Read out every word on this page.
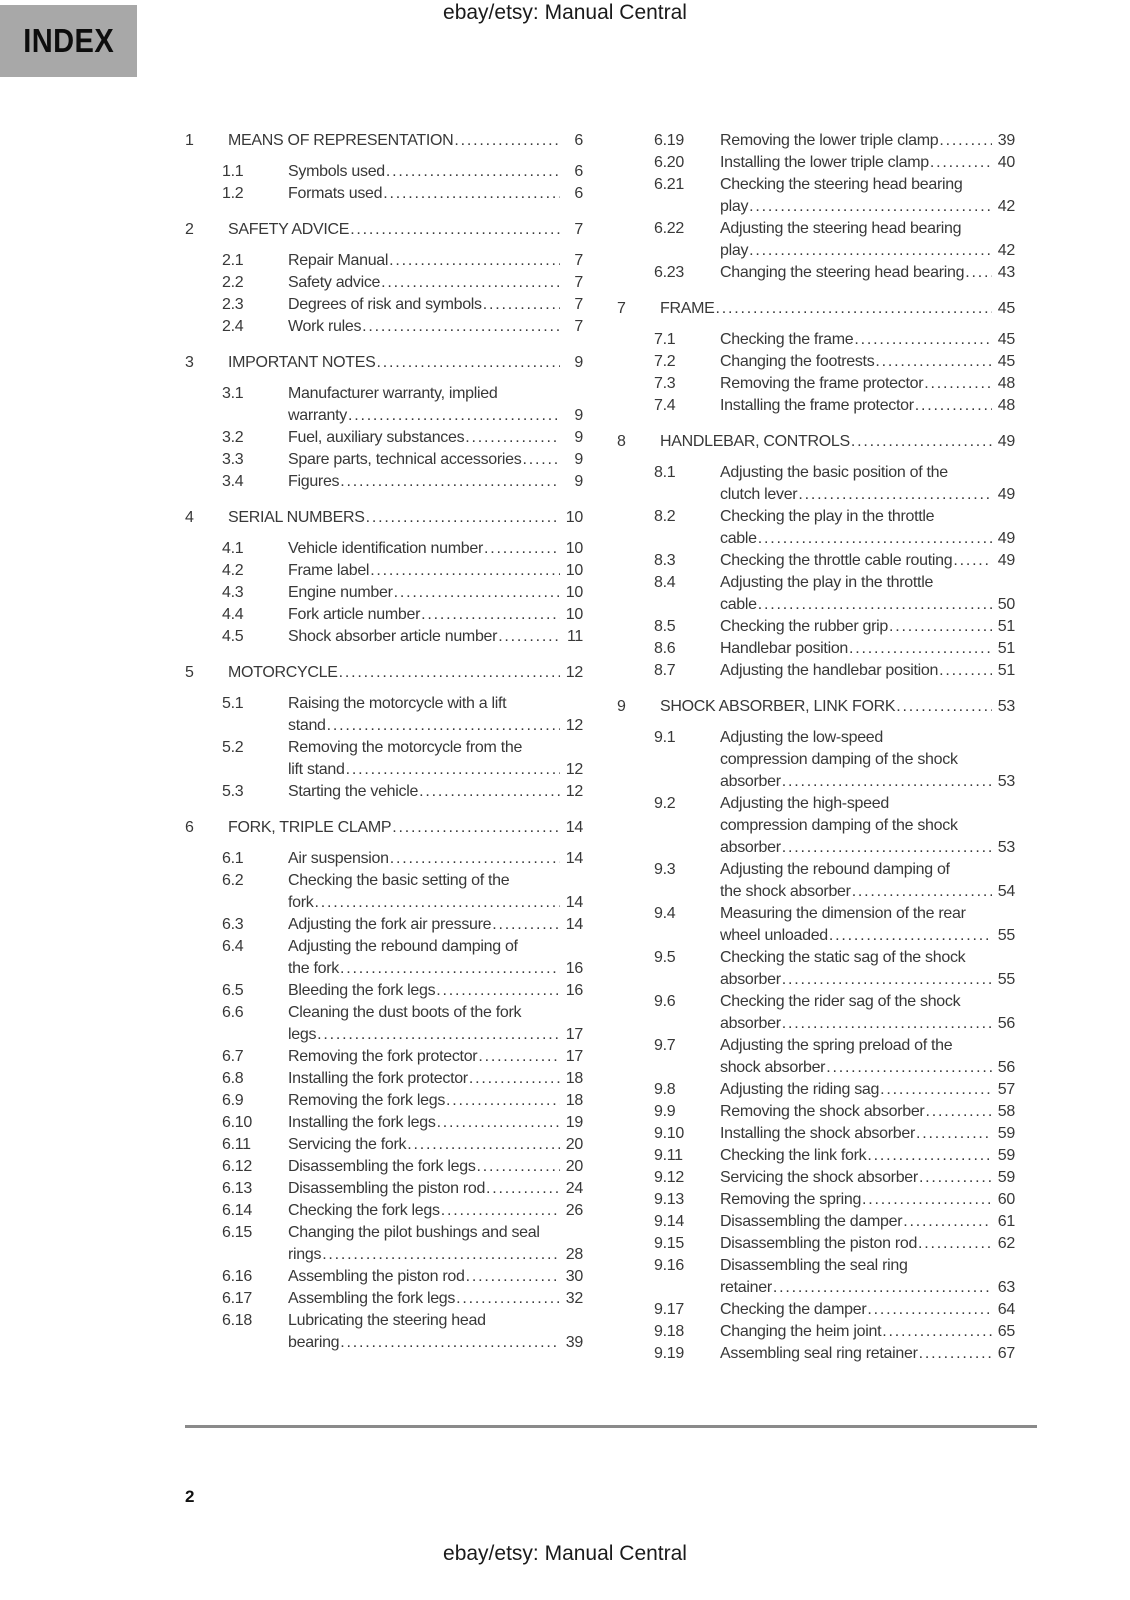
ebay/etsy: Manual Central
INDEX
1	MEANS OF REPRESENTATION .....	6
1.1	Symbols used .....	6
1.2	Formats used .....	6
2	SAFETY ADVICE .....	7
2.1	Repair Manual .....	7
2.2	Safety advice .....	7
2.3	Degrees of risk and symbols .....	7
2.4	Work rules .....	7
3	IMPORTANT NOTES .....	9
3.1	Manufacturer warranty, implied
warranty .....	9
3.2	Fuel, auxiliary substances .....	9
3.3	Spare parts, technical accessories .....	9
3.4	Figures .....	9
4	SERIAL NUMBERS .....	10
4.1	Vehicle identification number .....	10
4.2	Frame label .....	10
4.3	Engine number .....	10
4.4	Fork article number .....	10
4.5	Shock absorber article number .....	11
5	MOTORCYCLE .....	12
5.1	Raising the motorcycle with a lift
stand .....	12
5.2	Removing the motorcycle from the
lift stand .....	12
5.3	Starting the vehicle .....	12
6	FORK, TRIPLE CLAMP .....	14
6.1	Air suspension .....	14
6.2	Checking the basic setting of the
fork .....	14
6.3	Adjusting the fork air pressure .....	14
6.4	Adjusting the rebound damping of
the fork .....	16
6.5	Bleeding the fork legs .....	16
6.6	Cleaning the dust boots of the fork
legs .....	17
6.7	Removing the fork protector .....	17
6.8	Installing the fork protector .....	18
6.9	Removing the fork legs .....	18
6.10	Installing the fork legs .....	19
6.11	Servicing the fork .....	20
6.12	Disassembling the fork legs .....	20
6.13	Disassembling the piston rod .....	24
6.14	Checking the fork legs .....	26
6.15	Changing the pilot bushings and seal
rings .....	28
6.16	Assembling the piston rod .....	30
6.17	Assembling the fork legs .....	32
6.18	Lubricating the steering head
bearing .....	39
6.19	Removing the lower triple clamp .....	39
6.20	Installing the lower triple clamp .....	40
6.21	Checking the steering head bearing
play .....	42
6.22	Adjusting the steering head bearing
play .....	42
6.23	Changing the steering head bearing ..... 43
7	FRAME .....	45
7.1	Checking the frame .....	45
7.2	Changing the footrests .....	45
7.3	Removing the frame protector .....	48
7.4	Installing the frame protector .....	48
8	HANDLEBAR, CONTROLS .....	49
8.1	Adjusting the basic position of the
clutch lever .....	49
8.2	Checking the play in the throttle
cable .....	49
8.3	Checking the throttle cable routing .....	49
8.4	Adjusting the play in the throttle
cable .....	50
8.5	Checking the rubber grip .....	51
8.6	Handlebar position .....	51
8.7	Adjusting the handlebar position .....	51
9	SHOCK ABSORBER, LINK FORK .....	53
9.1	Adjusting the low-speed
compression damping of the shock
absorber .....	53
9.2	Adjusting the high-speed
compression damping of the shock
absorber .....	53
9.3	Adjusting the rebound damping of
the shock absorber .....	54
9.4	Measuring the dimension of the rear
wheel unloaded .....	55
9.5	Checking the static sag of the shock
absorber .....	55
9.6	Checking the rider sag of the shock
absorber .....	56
9.7	Adjusting the spring preload of the
shock absorber .....	56
9.8	Adjusting the riding sag .....	57
9.9	Removing the shock absorber .....	58
9.10	Installing the shock absorber .....	59
9.11	Checking the link fork .....	59
9.12	Servicing the shock absorber .....	59
9.13	Removing the spring .....	60
9.14	Disassembling the damper .....	61
9.15	Disassembling the piston rod .....	62
9.16	Disassembling the seal ring
retainer .....	63
9.17	Checking the damper .....	64
9.18	Changing the heim joint .....	65
9.19	Assembling seal ring retainer .....	67
2
ebay/etsy: Manual Central
